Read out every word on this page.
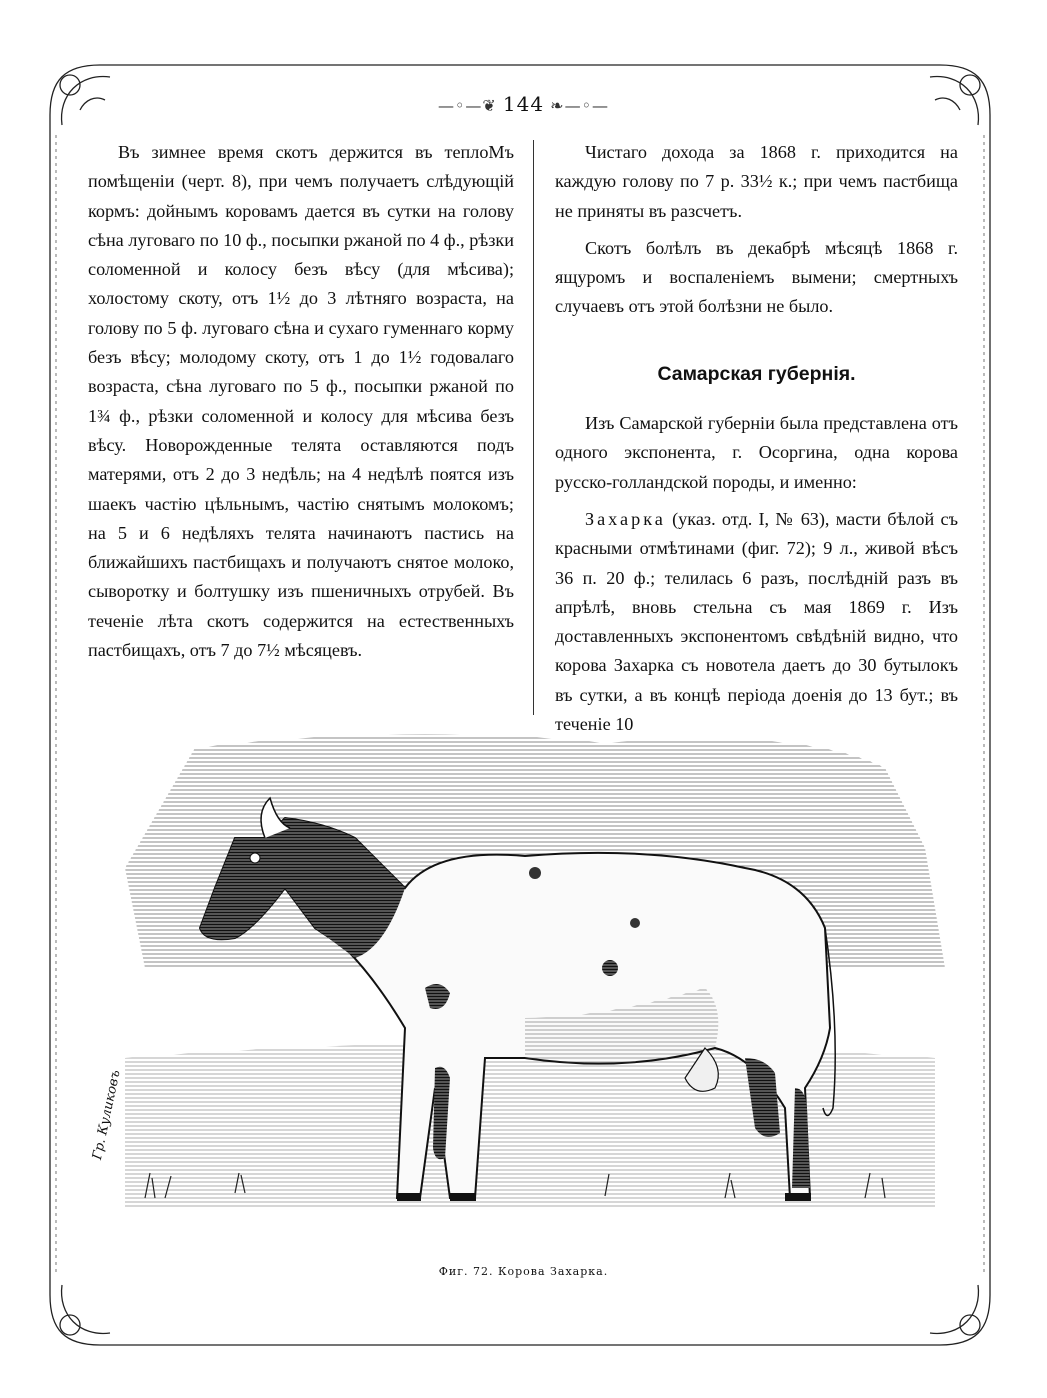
—◦—❦ 144 ❧—◦—

Въ зимнее время скотъ держится въ теплоМъ помѣщеніи (черт. 8), при чемъ получаетъ слѣдующій кормъ: дойнымъ коровамъ дается въ сутки на голову сѣна луговаго по 10 ф., посыпки ржаной по 4 ф., рѣзки соломенной и колосу безъ вѣсу (для мѣсива); холостому скоту, отъ 1½ до 3 лѣтняго возраста, на голову по 5 ф. луговаго сѣна и сухаго гуменнаго корму безъ вѣсу; молодому скоту, отъ 1 до 1½ годовалаго возраста, сѣна луговаго по 5 ф., посыпки ржаной по 1¾ ф., рѣзки соломенной и колосу для мѣсива безъ вѣсу. Новорожденные телята оставляются подъ матерями, отъ 2 до 3 недѣль; на 4 недѣлѣ поятся изъ шаекъ частію цѣльнымъ, частію снятымъ молокомъ; на 5 и 6 недѣляхъ телята начинаютъ пастись на ближайшихъ пастбищахъ и получаютъ снятое молоко, сыворотку и болтушку изъ пшеничныхъ отрубей. Въ теченіе лѣта скотъ содержится на естественныхъ пастбищахъ, отъ 7 до 7½ мѣсяцевъ.

Чистаго дохода за 1868 г. приходится на каждую голову по 7 р. 33½ к.; при чемъ пастбища не приняты въ разсчетъ.

Скотъ болѣлъ въ декабрѣ мѣсяцѣ 1868 г. ящуромъ и воспаленіемъ вымени; смертныхъ случаевъ отъ этой болѣзни не было.

Самарская губернія.

Изъ Самарской губерніи была представлена отъ одного экспонента, г. Осоргина, одна корова русско-голландской породы, и именно:

Захарка (указ. отд. I, № 63), масти бѣлой съ красными отмѣтинами (фиг. 72); 9 л., живой вѣсъ 36 п. 20 ф.; телилась 6 разъ, послѣдній разъ въ апрѣлѣ, вновь стельна съ мая 1869 г. Изъ доставленныхъ экспонентомъ свѣдѣній видно, что корова Захарка съ новотела даетъ до 30 бутылокъ въ сутки, а въ концѣ періода доенія до 13 бут.; въ теченіе 10

Гр. Куликовъ
Фиг. 72. Корова Захарка.
